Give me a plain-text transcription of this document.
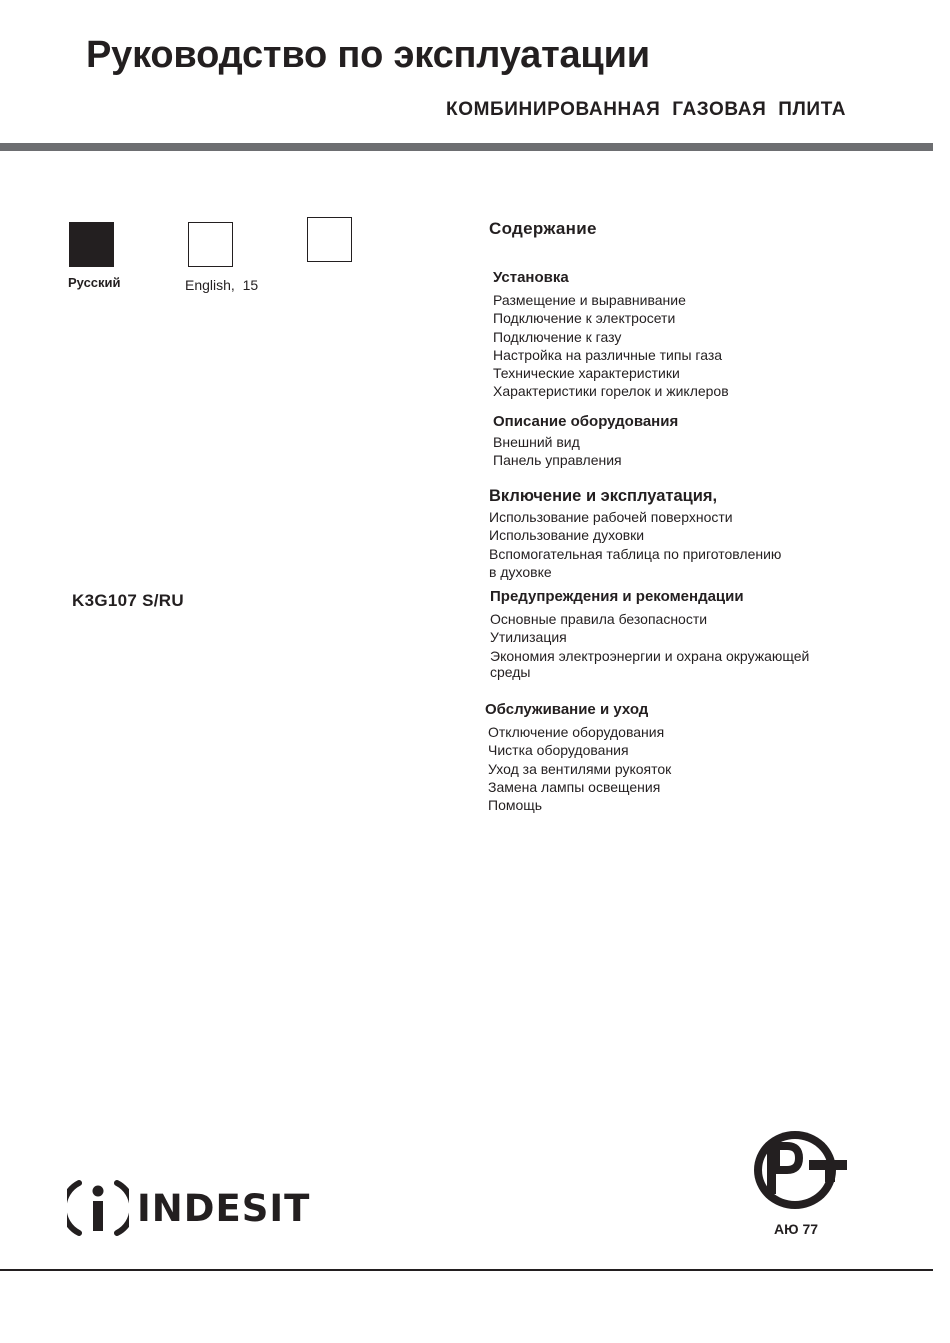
Руководство по эксплуатации
КОМБИНИРОВАННАЯ ГАЗОВАЯ ПЛИТА
Русский	English,  15
K3G107 S/RU
Содержание
Установка
Размещение и выравнивание
Подключение к электросети
Подключение к газу
Настройка на различные типы газа
Технические характеристики
Характеристики горелок и жиклеров
Описание оборудования
Внешний вид
Панель управления
Включение и эксплуатация,
Использование рабочей поверхности
Использование духовки
Вспомогательная таблица по приготовлению
в духовке
Предупреждения и рекомендации
Основные правила безопасности
Утилизация
Экономия электроэнергии и охрана окружающей
среды
Обслуживание и уход
Отключение оборудования
Чистка оборудования
Уход за вентилями рукояток
Замена лампы освещения
Помощь
INDESIT	АЮ 77
